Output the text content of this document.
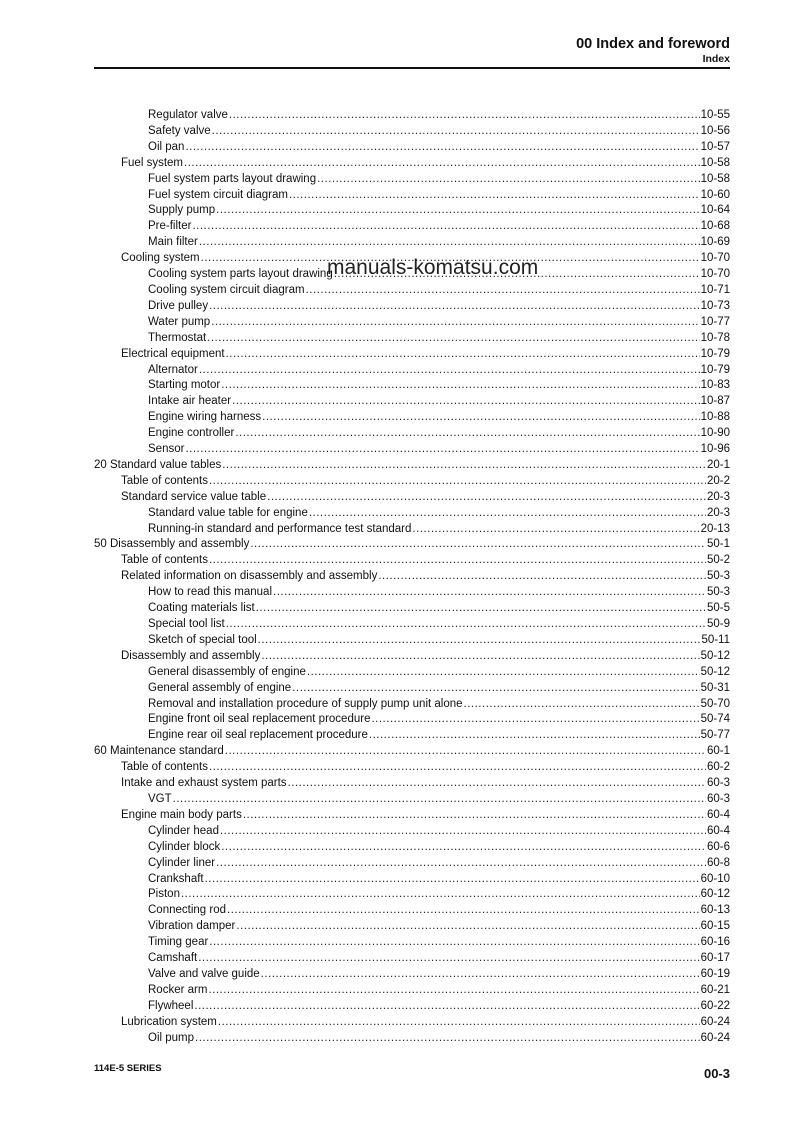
00 Index and foreword
Index
Regulator valve .....	10-55
Safety valve .....	10-56
Oil pan .....	10-57
Fuel system .....	10-58
Fuel system parts layout drawing .....	10-58
Fuel system circuit diagram .....	10-60
Supply pump .....	10-64
Pre-filter .....	10-68
Main filter .....	10-69
Cooling system .....	10-70
Cooling system parts layout drawing .....	10-70
Cooling system circuit diagram .....	10-71
Drive pulley .....	10-73
Water pump .....	10-77
Thermostat .....	10-78
Electrical equipment .....	10-79
Alternator .....	10-79
Starting motor .....	10-83
Intake air heater .....	10-87
Engine wiring harness .....	10-88
Engine controller .....	10-90
Sensor .....	10-96
20 Standard value tables .....	20-1
Table of contents .....	20-2
Standard service value table .....	20-3
Standard value table for engine .....	20-3
Running-in standard and performance test standard .....	20-13
50 Disassembly and assembly .....	50-1
Table of contents .....	50-2
Related information on disassembly and assembly .....	50-3
How to read this manual .....	50-3
Coating materials list .....	50-5
Special tool list .....	50-9
Sketch of special tool .....	50-11
Disassembly and assembly .....	50-12
General disassembly of engine .....	50-12
General assembly of engine .....	50-31
Removal and installation procedure of supply pump unit alone .....	50-70
Engine front oil seal replacement procedure .....	50-74
Engine rear oil seal replacement procedure .....	50-77
60 Maintenance standard .....	60-1
Table of contents .....	60-2
Intake and exhaust system parts .....	60-3
VGT .....	60-3
Engine main body parts .....	60-4
Cylinder head .....	60-4
Cylinder block .....	60-6
Cylinder liner .....	60-8
Crankshaft .....	60-10
Piston .....	60-12
Connecting rod .....	60-13
Vibration damper .....	60-15
Timing gear .....	60-16
Camshaft .....	60-17
Valve and valve guide .....	60-19
Rocker arm .....	60-21
Flywheel .....	60-22
Lubrication system .....	60-24
Oil pump .....	60-24
manuals-komatsu.com
114E-5 SERIES	00-3
